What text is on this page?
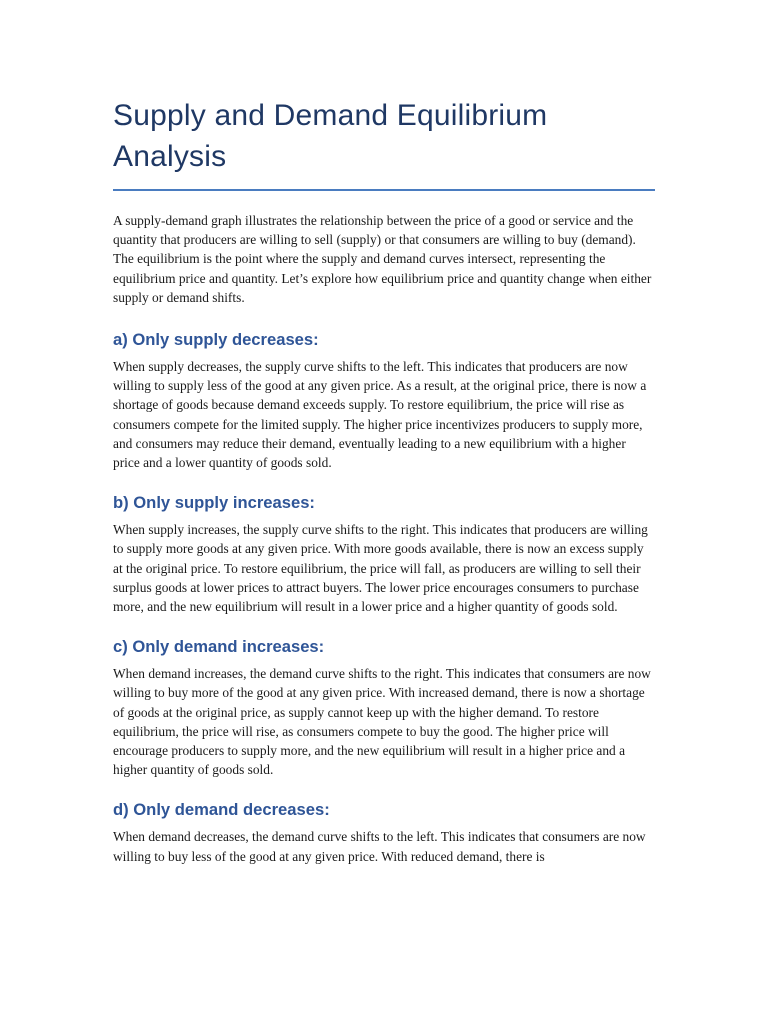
Supply and Demand Equilibrium
Analysis

A supply-demand graph illustrates the relationship between the price of a good or service and the quantity that producers are willing to sell (supply) or that consumers are willing to buy (demand). The equilibrium is the point where the supply and demand curves intersect, representing the equilibrium price and quantity. Let’s explore how equilibrium price and quantity change when either supply or demand shifts.

a) Only supply decreases:

When supply decreases, the supply curve shifts to the left. This indicates that producers are now willing to supply less of the good at any given price. As a result, at the original price, there is now a shortage of goods because demand exceeds supply. To restore equilibrium, the price will rise as consumers compete for the limited supply. The higher price incentivizes producers to supply more, and consumers may reduce their demand, eventually leading to a new equilibrium with a higher price and a lower quantity of goods sold.

b) Only supply increases:

When supply increases, the supply curve shifts to the right. This indicates that producers are willing to supply more goods at any given price. With more goods available, there is now an excess supply at the original price. To restore equilibrium, the price will fall, as producers are willing to sell their surplus goods at lower prices to attract buyers. The lower price encourages consumers to purchase more, and the new equilibrium will result in a lower price and a higher quantity of goods sold.

c) Only demand increases:

When demand increases, the demand curve shifts to the right. This indicates that consumers are now willing to buy more of the good at any given price. With increased demand, there is now a shortage of goods at the original price, as supply cannot keep up with the higher demand. To restore equilibrium, the price will rise, as consumers compete to buy the good. The higher price will encourage producers to supply more, and the new equilibrium will result in a higher price and a higher quantity of goods sold.

d) Only demand decreases:

When demand decreases, the demand curve shifts to the left. This indicates that consumers are now willing to buy less of the good at any given price. With reduced demand, there is
